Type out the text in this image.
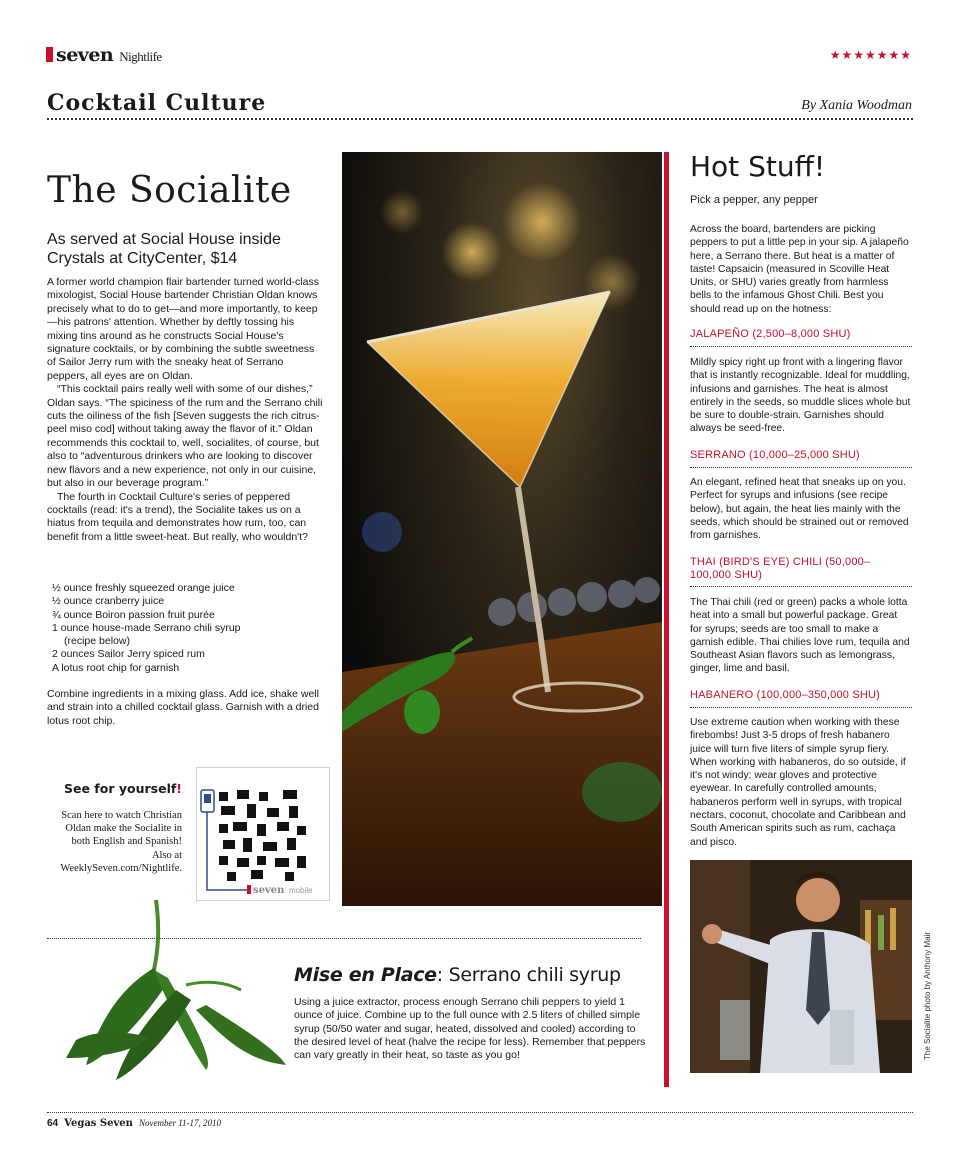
seven Nightlife	★★★★★★★
Cocktail Culture	By Xania Woodman
The Socialite
As served at Social House inside Crystals at CityCenter, $14

A former world champion flair bartender turned world-class mixologist, Social House bartender Christian Oldan knows precisely what to do to get—and more importantly, to keep—his patrons' attention. Whether by deftly tossing his mixing tins around as he constructs Social House's signature cocktails, or by combining the subtle sweetness of Sailor Jerry rum with the sneaky heat of Serrano peppers, all eyes are on Oldan.

“This cocktail pairs really well with some of our dishes,” Oldan says. “The spiciness of the rum and the Serrano chili cuts the oiliness of the fish [Seven suggests the rich citrus-peel miso cod] without taking away the flavor of it.” Oldan recommends this cocktail to, well, socialites, of course, but also to “adventurous drinkers who are looking to discover new flavors and a new experience, not only in our cuisine, but also in our beverage program.”

The fourth in Cocktail Culture's series of peppered cocktails (read: it's a trend), the Socialite takes us on a hiatus from tequila and demonstrates how rum, too, can benefit from a little sweet-heat. But really, who wouldn't?

½ ounce freshly squeezed orange juice
½ ounce cranberry juice
¾ ounce Boiron passion fruit purée
1 ounce house-made Serrano chili syrup
(recipe below)
2 ounces Sailor Jerry spiced rum
A lotus root chip for garnish
Combine ingredients in a mixing glass. Add ice, shake well and strain into a chilled cocktail glass. Garnish with a dried lotus root chip.
See for yourself!
Scan here to watch Christian Oldan make the Socialite in both English and Spanish! Also at WeeklySeven.com/Nightlife.
seven mobile
Hot Stuff!
Pick a pepper, any pepper
Across the board, bartenders are picking peppers to put a little pep in your sip. A jalapeño here, a Serrano there. But heat is a matter of taste! Capsaicin (measured in Scoville Heat Units, or SHU) varies greatly from harmless bells to the infamous Ghost Chili. Best you should read up on the hotness:
JALAPEÑO (2,500–8,000 SHU)
Mildly spicy right up front with a lingering flavor that is instantly recognizable. Ideal for muddling, infusions and garnishes. The heat is almost entirely in the seeds, so muddle slices whole but be sure to double-strain. Garnishes should always be seed-free.
SERRANO (10,000–25,000 SHU)
An elegant, refined heat that sneaks up on you. Perfect for syrups and infusions (see recipe below), but again, the heat lies mainly with the seeds, which should be strained out or removed from garnishes.
THAI (BIRD'S EYE) CHILI (50,000–100,000 SHU)
The Thai chili (red or green) packs a whole lotta heat into a small but powerful package. Great for syrups; seeds are too small to make a garnish edible. Thai chilies love rum, tequila and Southeast Asian flavors such as lemongrass, ginger, lime and basil.
HABANERO (100,000–350,000 SHU)
Use extreme caution when working with these firebombs! Just 3-5 drops of fresh habanero juice will turn five liters of simple syrup fiery. When working with habaneros, do so outside, if it's not windy; wear gloves and protective eyewear. In carefully controlled amounts, habaneros perform well in syrups, with tropical nectars, coconut, chocolate and Caribbean and South American spirits such as rum, cachaça and pisco.
The Socialite photo by Anthony Mair
Mise en Place: Serrano chili syrup
Using a juice extractor, process enough Serrano chili peppers to yield 1 ounce of juice. Combine up to the full ounce with 2.5 liters of chilled simple syrup (50/50 water and sugar, heated, dissolved and cooled) according to the desired level of heat (halve the recipe for less). Remember that peppers can vary greatly in their heat, so taste as you go!
64 Vegas Seven November 11-17, 2010
